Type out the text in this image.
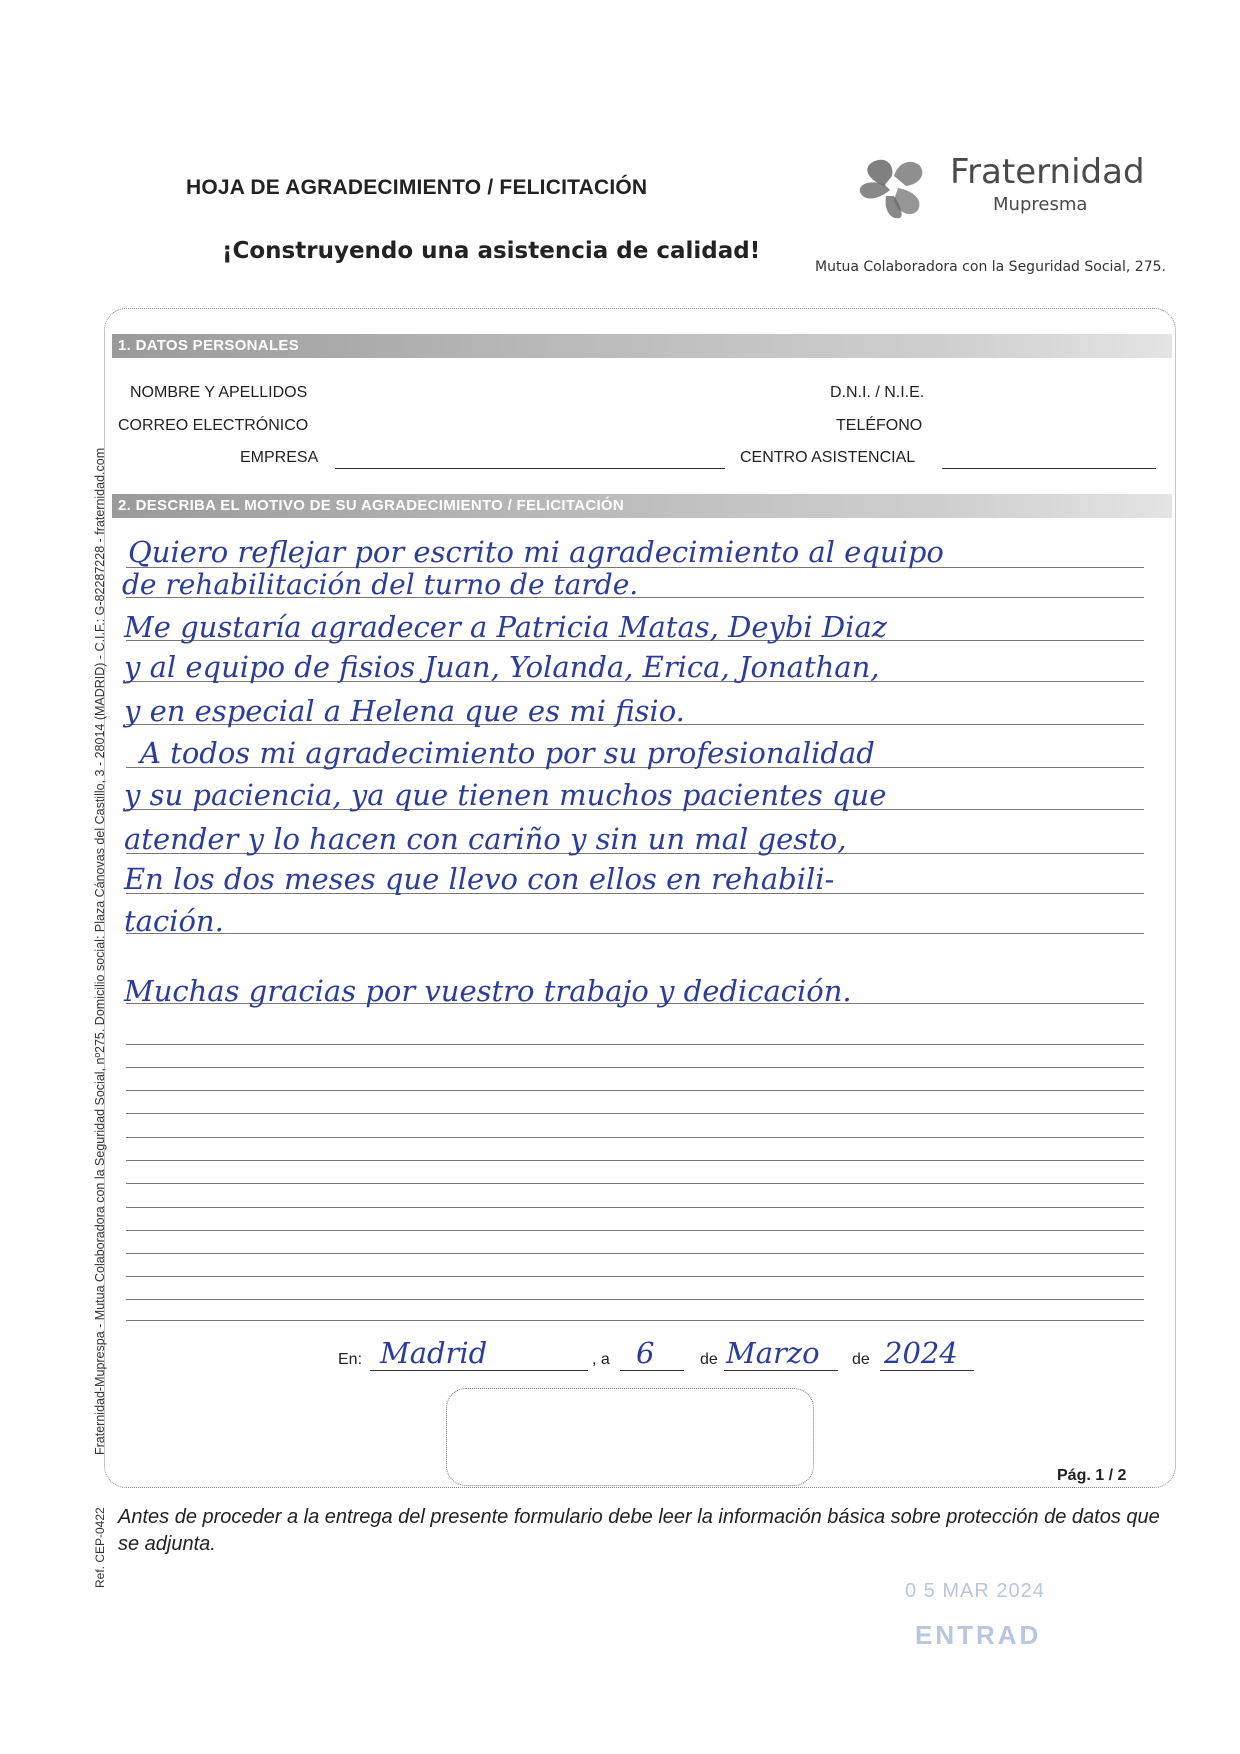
HOJA DE AGRADECIMIENTO / FELICITACIÓN
¡Construyendo una asistencia de calidad!
Fraternidad
Mupresma
Mutua Colaboradora con la Seguridad Social, 275.
1. DATOS PERSONALES
NOMBRE Y APELLIDOS	D.N.I. / N.I.E.
CORREO ELECTRÓNICO	TELÉFONO
EMPRESA	CENTRO ASISTENCIAL
2. DESCRIBA EL MOTIVO DE SU AGRADECIMIENTO / FELICITACIÓN
Quiero reflejar por escrito mi agradecimiento al equipo
de rehabilitación del turno de tarde.
Me gustaría agradecer a Patricia Matas, Deybi Diaz
y al equipo de fisios Juan, Yolanda, Erica, Jonathan,
y en especial a Helena que es mi fisio.
A todos mi agradecimiento por su profesionalidad
y su paciencia, ya que tienen muchos pacientes que
atender y lo hacen con cariño y sin un mal gesto,
En los dos meses que llevo con ellos en rehabili-
tación.
Muchas gracias por vuestro trabajo y dedicación.
En: Madrid	, a 6	de Marzo de 2024
Pág. 1 / 2
Fraternidad-Muprespa - Mutua Colaboradora con la Seguridad Social, nº275. Domicilio social: Plaza Cánovas del Castillo, 3 - 28014 (MADRID) - C.I.F.: G-82287228 - fraternidad.com
Ref. CEP-0422 Antes de proceder a la entrega del presente formulario debe leer la información básica sobre protección de datos que se adjunta.
0 5 MAR 2024
ENTRAD
